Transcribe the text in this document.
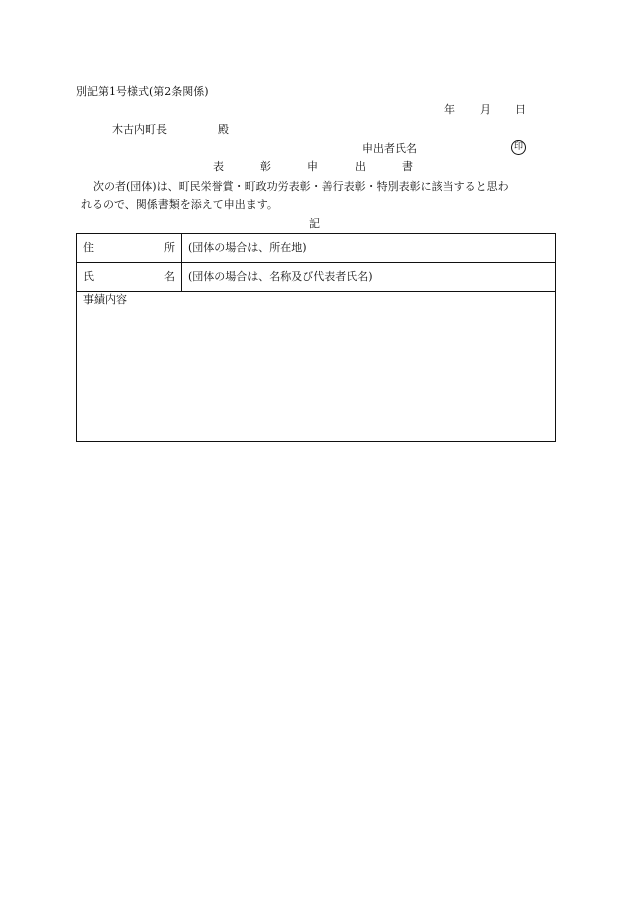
別記第1号様式(第2条関係)
年 月 日
木古内町長	殿
申出者氏名	印
表	彰	申	出	書
次の者(団体)は、町民栄誉賞・町政功労表彰・善行表彰・特別表彰に該当すると思わ
れるので、関係書類を添えて申出ます。
記
住 所	(団体の場合は、所在地)

氏 名	(団体の場合は、名称及び代表者氏名)
事績内容	
